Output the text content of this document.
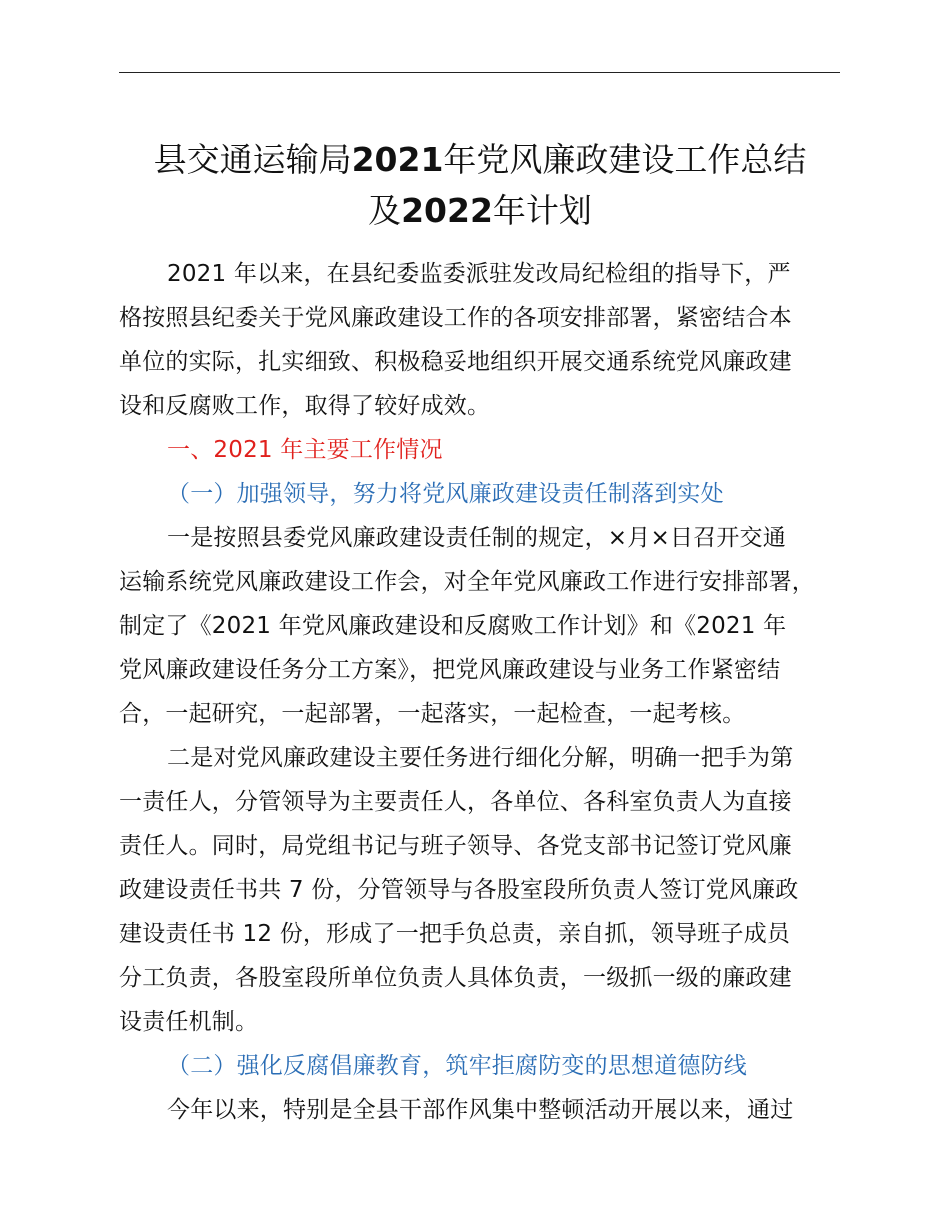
县交通运输局2021年党风廉政建设工作总结
及2022年计划
2021 年以来，在县纪委监委派驻发改局纪检组的指导下，严
格按照县纪委关于党风廉政建设工作的各项安排部署，紧密结合本
单位的实际，扎实细致、积极稳妥地组织开展交通系统党风廉政建
设和反腐败工作，取得了较好成效。
一、2021 年主要工作情况
（一）加强领导，努力将党风廉政建设责任制落到实处
一是按照县委党风廉政建设责任制的规定，×月×日召开交通
运输系统党风廉政建设工作会，对全年党风廉政工作进行安排部署，
制定了《2021 年党风廉政建设和反腐败工作计划》和《2021 年
党风廉政建设任务分工方案》，把党风廉政建设与业务工作紧密结
合，一起研究，一起部署，一起落实，一起检查，一起考核。
二是对党风廉政建设主要任务进行细化分解，明确一把手为第
一责任人，分管领导为主要责任人，各单位、各科室负责人为直接
责任人。同时，局党组书记与班子领导、各党支部书记签订党风廉
政建设责任书共 7 份，分管领导与各股室段所负责人签订党风廉政
建设责任书 12 份，形成了一把手负总责，亲自抓，领导班子成员
分工负责，各股室段所单位负责人具体负责，一级抓一级的廉政建
设责任机制。
（二）强化反腐倡廉教育，筑牢拒腐防变的思想道德防线
今年以来，特别是全县干部作风集中整顿活动开展以来，通过
